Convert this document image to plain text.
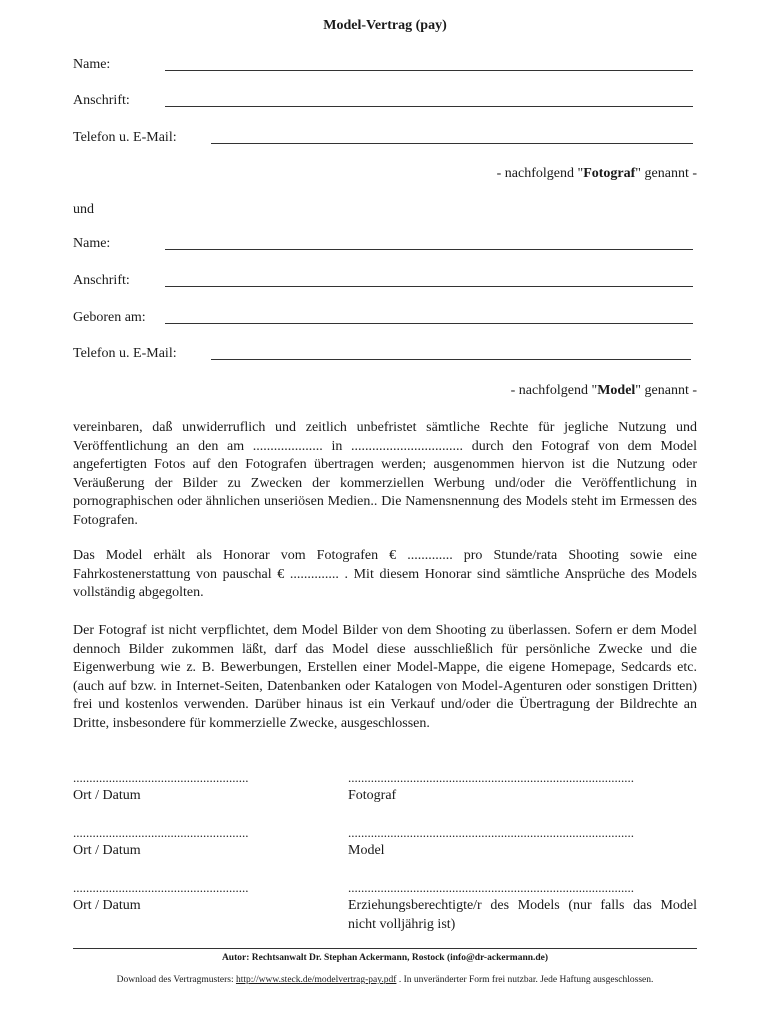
Model-Vertrag (pay)
Name:
Anschrift:
Telefon u. E-Mail:
- nachfolgend "Fotograf" genannt -
und
Name:
Anschrift:
Geboren am:
Telefon u. E-Mail:
- nachfolgend "Model" genannt -
vereinbaren, daß unwiderruflich und zeitlich unbefristet sämtliche Rechte für jegliche Nutzung und Veröffentlichung an den am .................... in ................................ durch den Fotograf von dem Model angefertigten Fotos auf den Fotografen übertragen werden; ausgenommen hiervon ist die Nutzung oder Veräußerung der Bilder zu Zwecken der kommerziellen Werbung und/oder die Veröffentlichung in pornographischen oder ähnlichen unseriösen Medien.. Die Namensnennung des Models steht im Ermessen des Fotografen.
Das Model erhält als Honorar vom Fotografen € ............. pro Stunde/rata Shooting sowie eine Fahrkostenerstattung von pauschal € .............. . Mit diesem Honorar sind sämtliche Ansprüche des Models vollständig abgegolten.
Der Fotograf ist nicht verpflichtet, dem Model Bilder von dem Shooting zu überlassen. Sofern er dem Model dennoch Bilder zukommen läßt, darf das Model diese ausschließlich für persönliche Zwecke und die Eigenwerbung wie z. B. Bewerbungen, Erstellen einer Model-Mappe, die eigene Homepage, Sedcards etc. (auch auf bzw. in Internet-Seiten, Datenbanken oder Katalogen von Model-Agenturen oder sonstigen Dritten) frei und kostenlos verwenden. Darüber hinaus ist ein Verkauf und/oder die Übertragung der Bildrechte an Dritte, insbesondere für kommerzielle Zwecke, ausgeschlossen.
......................................................	........................................................................................
Ort / Datum	Fotograf
......................................................	........................................................................................
Ort / Datum	Model
......................................................	........................................................................................
Ort / Datum	Erziehungsberechtigte/r des Models (nur falls das Model nicht volljährig ist)
Autor: Rechtsanwalt Dr. Stephan Ackermann, Rostock (info@dr-ackermann.de)
Download des Vertragmusters: http://www.steck.de/modelvertrag-pay.pdf . In unveränderter Form frei nutzbar. Jede Haftung ausgeschlossen.
